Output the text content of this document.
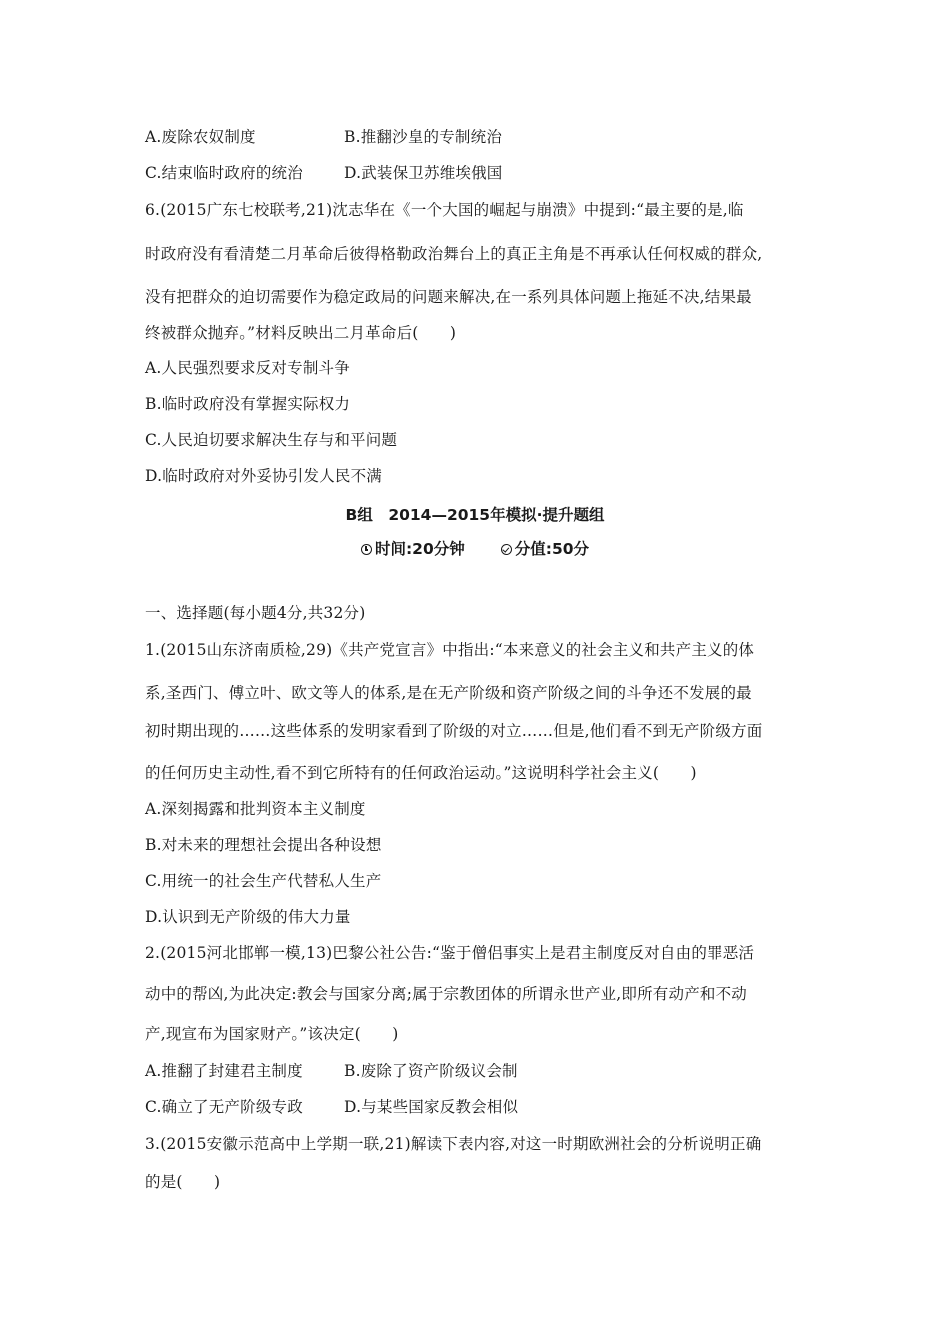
A.废除农奴制度	B.推翻沙皇的专制统治
C.结束临时政府的统治	D.武装保卫苏维埃俄国
6.(2015广东七校联考,21)沈志华在《一个大国的崛起与崩溃》中提到:“最主要的是,临
时政府没有看清楚二月革命后彼得格勒政治舞台上的真正主角是不再承认任何权威的群众,
没有把群众的迫切需要作为稳定政局的问题来解决,在一系列具体问题上拖延不决,结果最
终被群众抛弃。”材料反映出二月革命后(　　)
A.人民强烈要求反对专制斗争
B.临时政府没有掌握实际权力
C.人民迫切要求解决生存与和平问题
D.临时政府对外妥协引发人民不满
B组　2014—2015年模拟·提升题组
时间:20分钟	分值:50分
一、选择题(每小题4分,共32分)
1.(2015山东济南质检,29)《共产党宣言》中指出:“本来意义的社会主义和共产主义的体
系,圣西门、傅立叶、欧文等人的体系,是在无产阶级和资产阶级之间的斗争还不发展的最
初时期出现的……这些体系的发明家看到了阶级的对立……但是,他们看不到无产阶级方面
的任何历史主动性,看不到它所特有的任何政治运动。”这说明科学社会主义(　　)
A.深刻揭露和批判资本主义制度
B.对未来的理想社会提出各种设想
C.用统一的社会生产代替私人生产
D.认识到无产阶级的伟大力量
2.(2015河北邯郸一模,13)巴黎公社公告:“鉴于僧侣事实上是君主制度反对自由的罪恶活
动中的帮凶,为此决定:教会与国家分离;属于宗教团体的所谓永世产业,即所有动产和不动
产,现宣布为国家财产。”该决定(　　)
A.推翻了封建君主制度	B.废除了资产阶级议会制
C.确立了无产阶级专政	D.与某些国家反教会相似
3.(2015安徽示范高中上学期一联,21)解读下表内容,对这一时期欧洲社会的分析说明正确
的是(　　)
